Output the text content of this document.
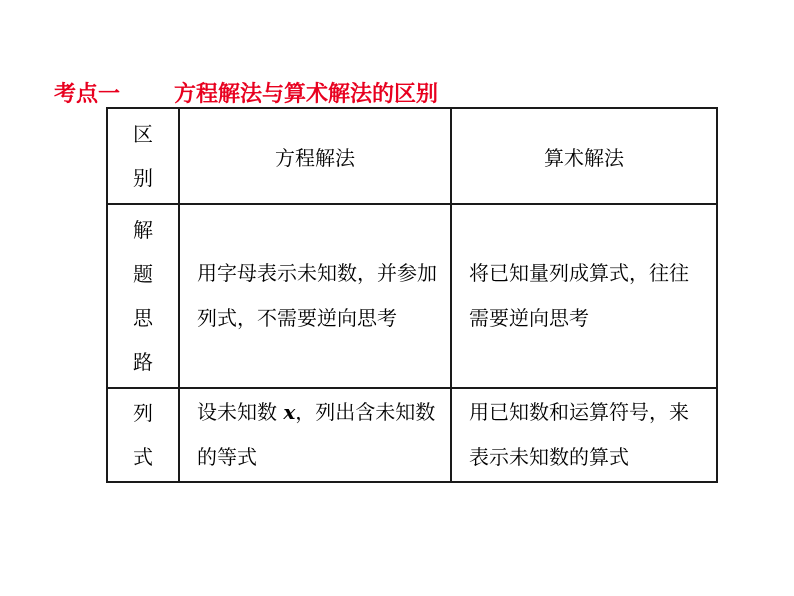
考点一	方程解法与算术解法的区别
区别	方程解法	算术解法
解题思路	用字母表示未知数，并参加列式，不需要逆向思考	将已知量列成算式，往往需要逆向思考
列式	设未知数 x，列出含未知数的等式	用已知数和运算符号，来表示未知数的算式
